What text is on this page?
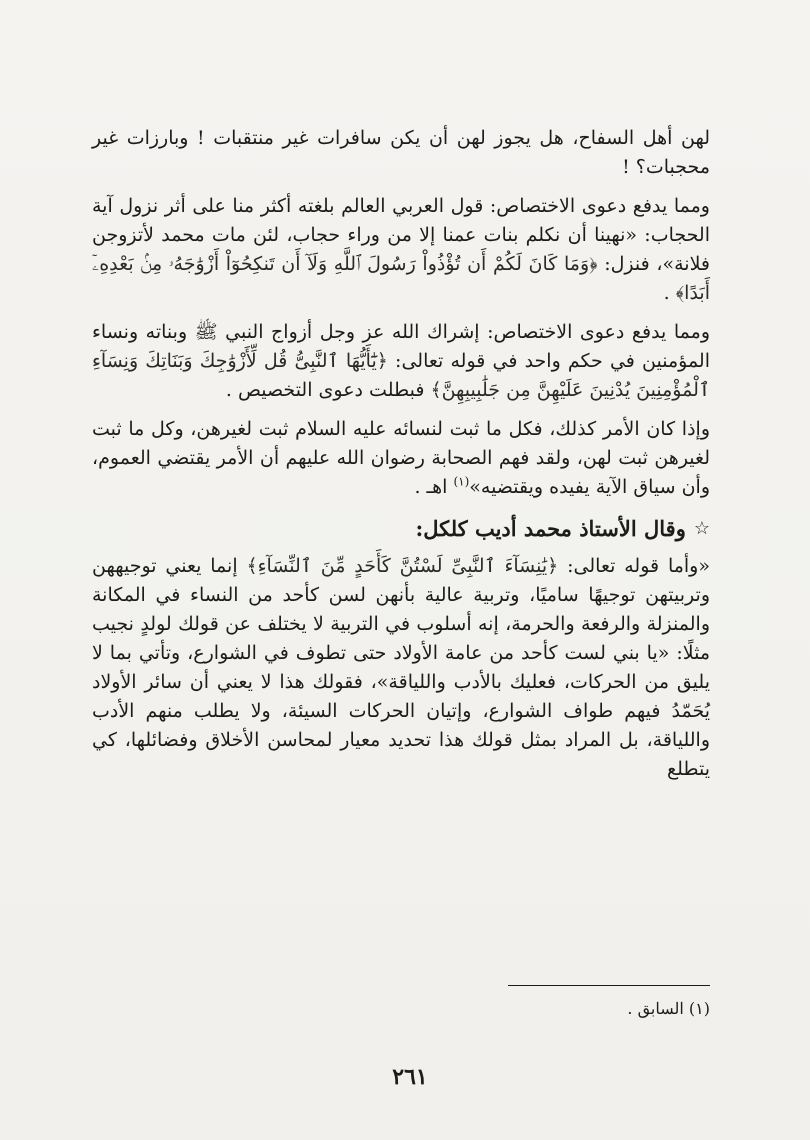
لهن أهل السفاح، هل يجوز لهن أن يكن سافرات غير منتقبات ! وبارزات غير محجبات؟ !

ومما يدفع دعوى الاختصاص: قول العربي العالم بلغته أكثر منا على أثر نزول آية الحجاب: «نهينا أن نكلم بنات عمنا إلا من وراء حجاب، لئن مات محمد لأتزوجن فلانة»، فنزل: ﴿وَمَا كَانَ لَكُمْ أَن تُؤْذُواْ رَسُولَ ٱللَّهِ وَلَآ أَن تَنكِحُوٓاْ أَزْوَٰجَهُۥ مِنۢ بَعْدِهِۦٓ أَبَدًا﴾ .

ومما يدفع دعوى الاختصاص: إشراك الله عز وجل أزواج النبي ﷺ وبناته ونساء المؤمنين في حكم واحد في قوله تعالى: ﴿يَٰٓأَيُّهَا ٱلنَّبِىُّ قُل لِّأَزْوَٰجِكَ وَبَنَاتِكَ وَنِسَآءِ ٱلْمُؤْمِنِينَ يُدْنِينَ عَلَيْهِنَّ مِن جَلَٰبِيبِهِنَّ﴾ فبطلت دعوى التخصيص .

وإذا كان الأمر كذلك، فكل ما ثبت لنسائه عليه السلام ثبت لغيرهن، وكل ما ثبت لغيرهن ثبت لهن، ولقد فهم الصحابة رضوان الله عليهم أن الأمر يقتضي العموم، وأن سياق الآية يفيده ويقتضيه»$^{(١)}$ اهـ .

☆
وقال الأستاذ محمد أديب كلكل:

«وأما قوله تعالى: ﴿يَٰنِسَآءَ ٱلنَّبِىِّ لَسْتُنَّ كَأَحَدٍ مِّنَ ٱلنِّسَآءِ﴾ إنما يعني توجيههن وتربيتهن توجيهًا ساميًا، وتربية عالية بأنهن لسن كأحد من النساء في المكانة والمنزلة والرفعة والحرمة، إنه أسلوب في التربية لا يختلف عن قولك لولدٍ نجيب مثلًا: «يا بني لست كأحد من عامة الأولاد حتى تطوف في الشوارع، وتأتي بما لا يليق من الحركات، فعليك بالأدب واللياقة»، فقولك هذا لا يعني أن سائر الأولاد يُحَمّدُ فيهم طواف الشوارع، وإتيان الحركات السيئة، ولا يطلب منهم الأدب واللياقة، بل المراد بمثل قولك هذا تحديد معيار لمحاسن الأخلاق وفضائلها، كي يتطلع

(١) السابق .
٢٦١
